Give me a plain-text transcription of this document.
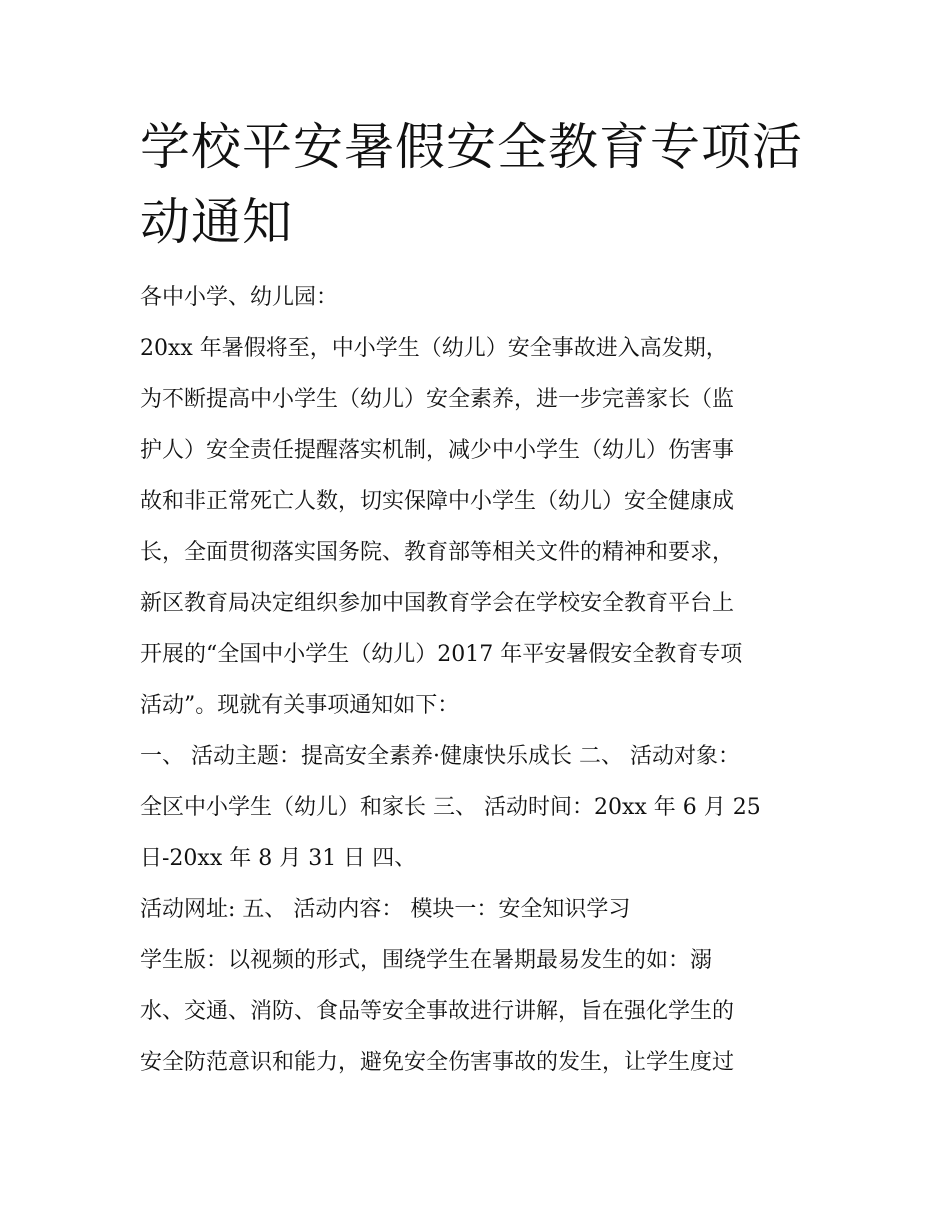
学校平安暑假安全教育专项活
动通知
各中小学、幼儿园：
20xx 年暑假将至，中小学生（幼儿）安全事故进入高发期，
为不断提高中小学生（幼儿）安全素养，进一步完善家长（监
护人）安全责任提醒落实机制，减少中小学生（幼儿）伤害事
故和非正常死亡人数，切实保障中小学生（幼儿）安全健康成
长，全面贯彻落实国务院、教育部等相关文件的精神和要求，
新区教育局决定组织参加中国教育学会在学校安全教育平台上
开展的“全国中小学生（幼儿）2017 年平安暑假安全教育专项
活动”。现就有关事项通知如下：
一、 活动主题：提高安全素养·健康快乐成长 二、 活动对象：
全区中小学生（幼儿）和家长 三、 活动时间：20xx 年 6 月 25
日-20xx 年 8 月 31 日 四、
活动网址: 五、 活动内容： 模块一：安全知识学习
学生版：以视频的形式，围绕学生在暑期最易发生的如：溺
水、交通、消防、食品等安全事故进行讲解，旨在强化学生的
安全防范意识和能力，避免安全伤害事故的发生，让学生度过
